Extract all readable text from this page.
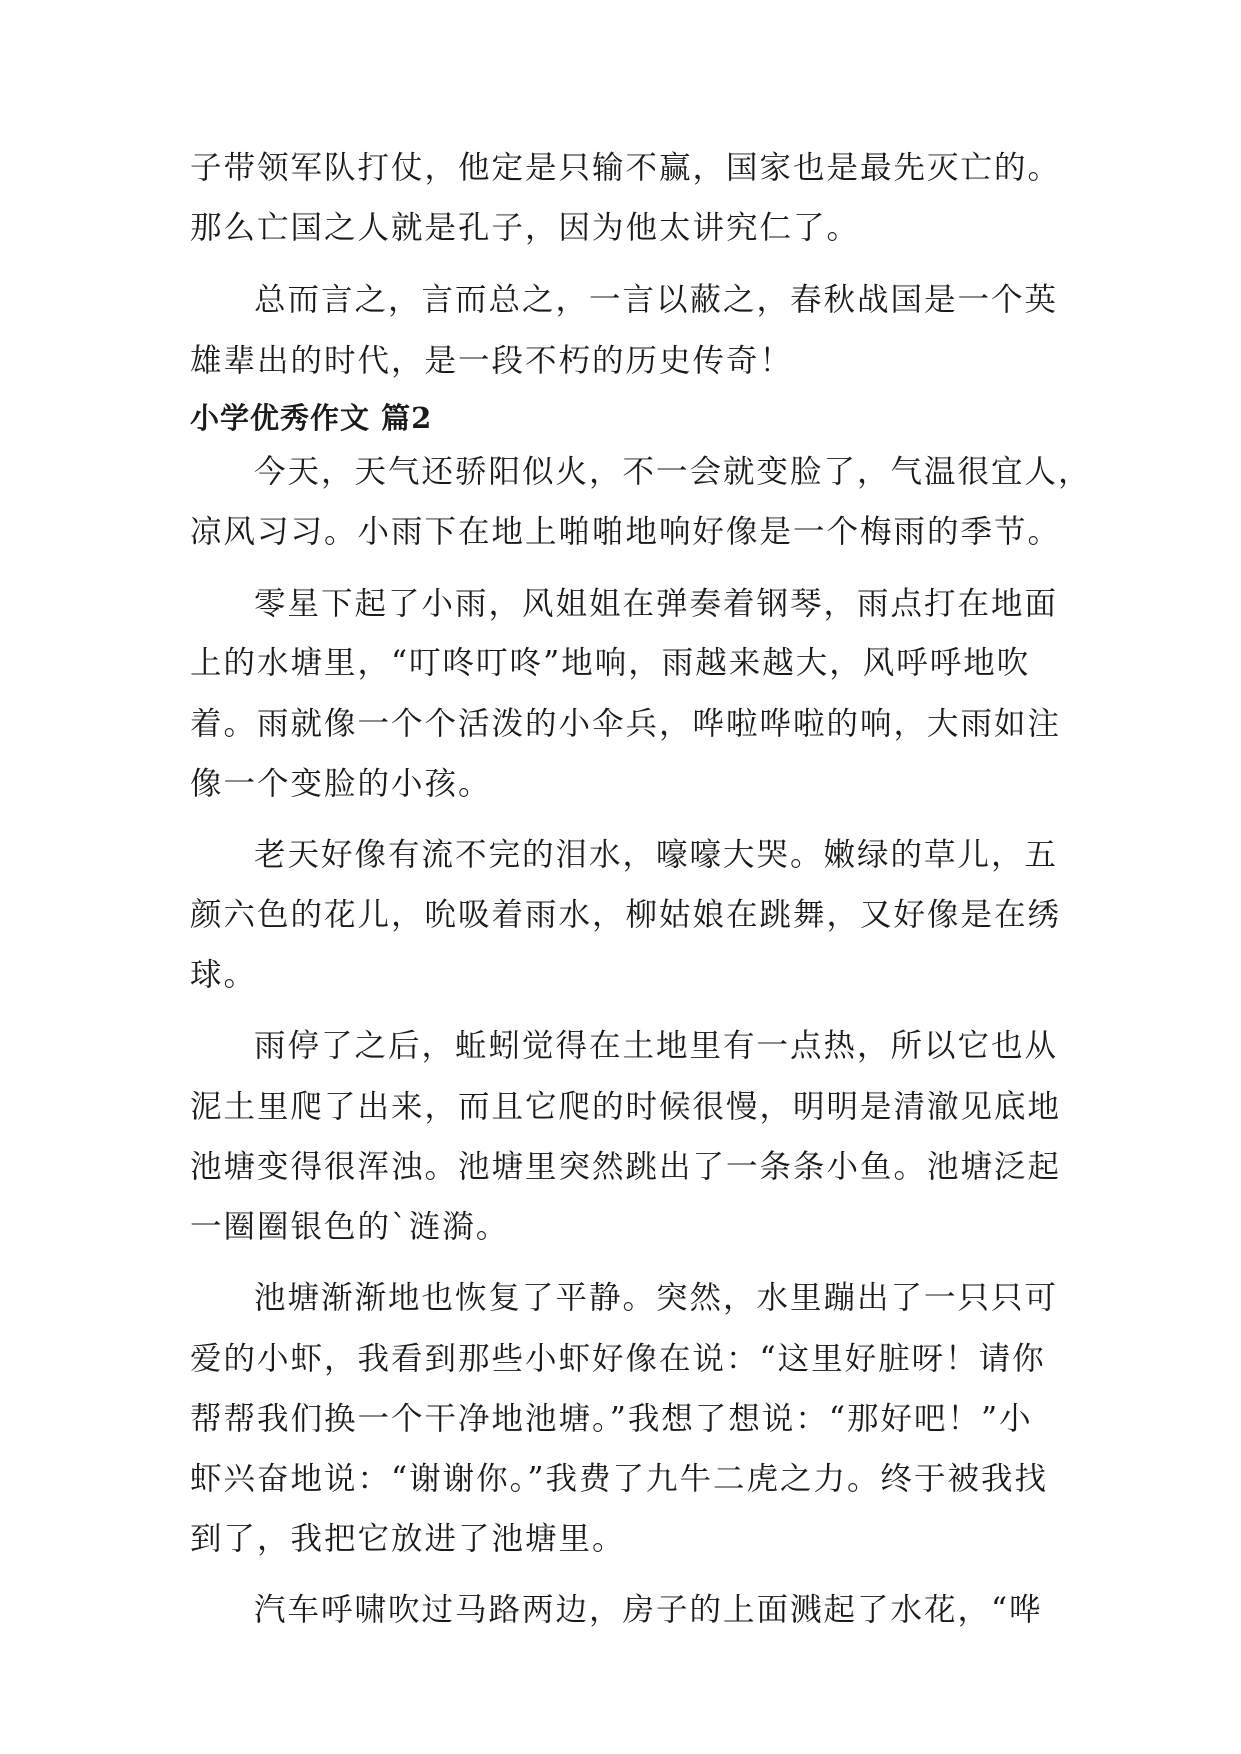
子带领军队打仗，他定是只输不赢，国家也是最先灭亡的。

那么亡国之人就是孔子，因为他太讲究仁了。

总而言之，言而总之，一言以蔽之，春秋战国是一个英

雄辈出的时代，是一段不朽的历史传奇！

小学优秀作文 篇2

今天，天气还骄阳似火，不一会就变脸了，气温很宜人，

凉风习习。小雨下在地上啪啪地响好像是一个梅雨的季节。

零星下起了小雨，风姐姐在弹奏着钢琴，雨点打在地面

上的水塘里，“叮咚叮咚”地响，雨越来越大，风呼呼地吹

着。雨就像一个个活泼的小伞兵，哗啦哗啦的响，大雨如注

像一个变脸的小孩。

老天好像有流不完的泪水，嚎嚎大哭。嫩绿的草儿，五

颜六色的花儿，吮吸着雨水，柳姑娘在跳舞，又好像是在绣

球。

雨停了之后，蚯蚓觉得在土地里有一点热，所以它也从

泥土里爬了出来，而且它爬的时候很慢，明明是清澈见底地

池塘变得很浑浊。池塘里突然跳出了一条条小鱼。池塘泛起

一圈圈银色的`涟漪。

池塘渐渐地也恢复了平静。突然，水里蹦出了一只只可

爱的小虾，我看到那些小虾好像在说：“这里好脏呀！请你

帮帮我们换一个干净地池塘。”我想了想说：“那好吧！”小

虾兴奋地说：“谢谢你。”我费了九牛二虎之力。终于被我找

到了，我把它放进了池塘里。

汽车呼啸吹过马路两边，房子的上面溅起了水花，“哗
